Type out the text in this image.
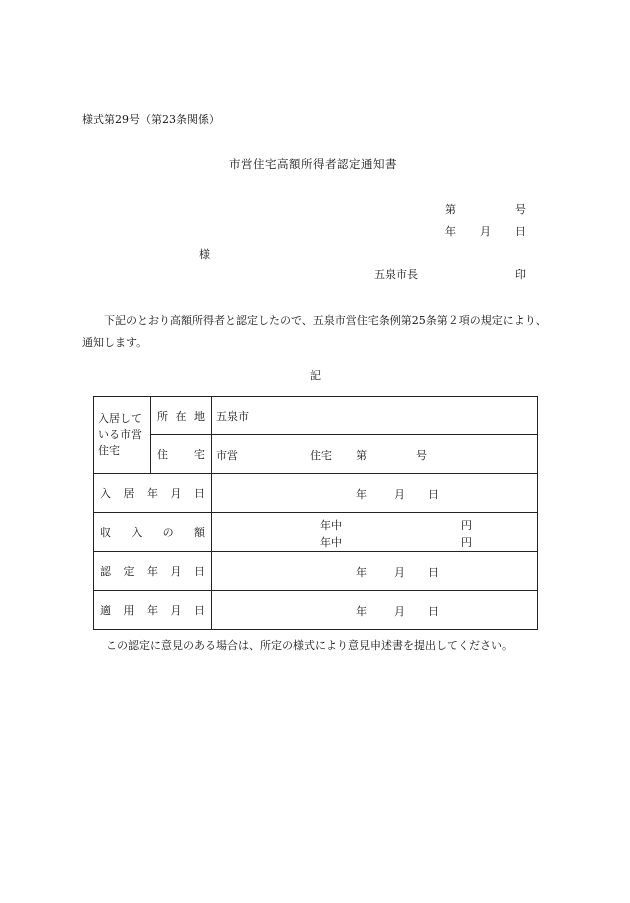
様式第29号（第23条関係）
市営住宅高額所得者認定通知書
第	号
年 月 日
様
五泉市長	印
下記のとおり高額所得者と認定したので、五泉市営住宅条例第25条第２項の規定により、通知します。
記
入居している市営住宅	所 在 地	五泉市

	住 宅	市営 住宅 第 号

入 居 年 月 日		年 月 日

収 入 の 額		年中 円
年中 円

認 定 年 月 日		年 月 日

適 用 年 月 日		年 月 日
この認定に意見のある場合は、所定の様式により意見申述書を提出してください。
